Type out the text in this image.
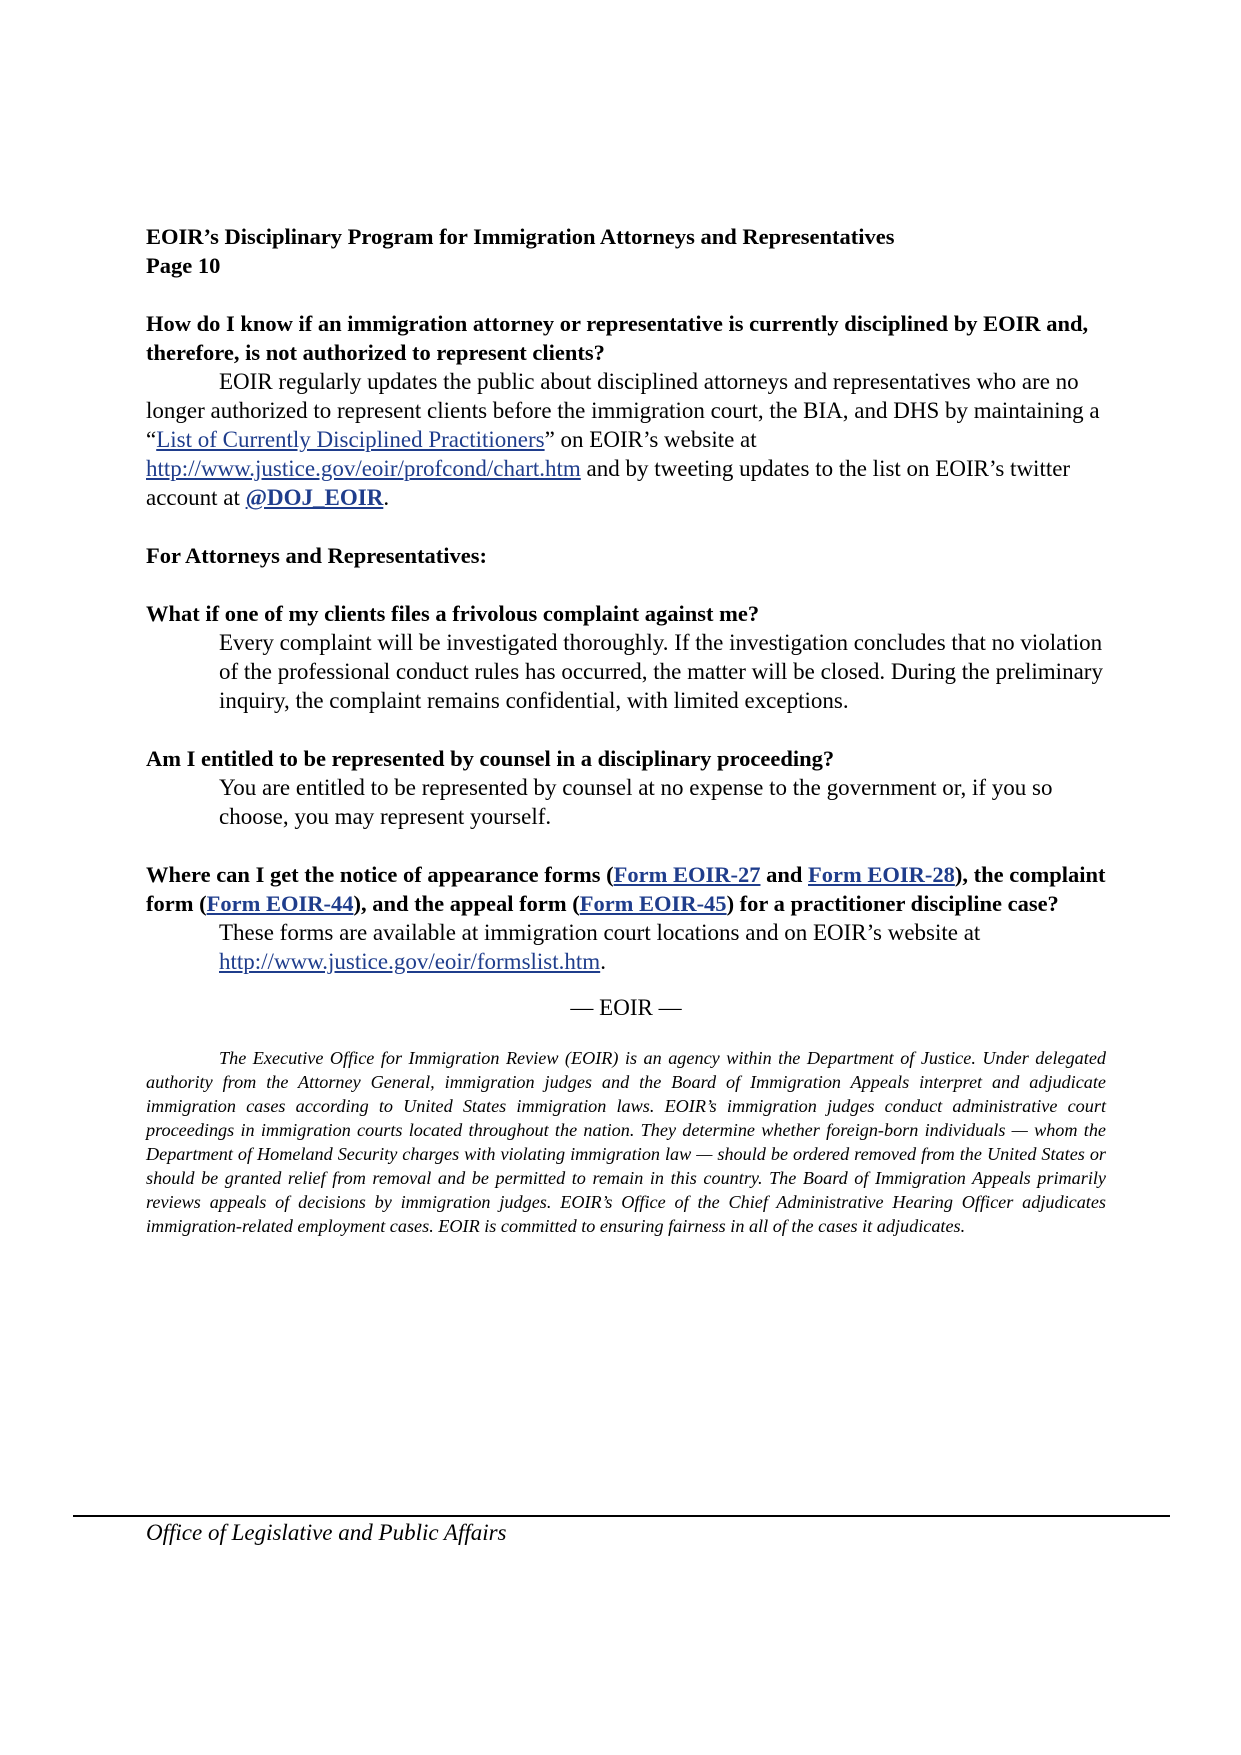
EOIR’s Disciplinary Program for Immigration Attorneys and Representatives
Page 10

How do I know if an immigration attorney or representative is currently disciplined by EOIR and, therefore, is not authorized to represent clients?

EOIR regularly updates the public about disciplined attorneys and representatives who are no longer authorized to represent clients before the immigration court, the BIA, and DHS by maintaining a “List of Currently Disciplined Practitioners” on EOIR’s website at http://www.justice.gov/eoir/profcond/chart.htm and by tweeting updates to the list on EOIR’s twitter account at @DOJ_EOIR.

For Attorneys and Representatives:

What if one of my clients files a frivolous complaint against me?

Every complaint will be investigated thoroughly. If the investigation concludes that no violation of the professional conduct rules has occurred, the matter will be closed. During the preliminary inquiry, the complaint remains confidential, with limited exceptions.

Am I entitled to be represented by counsel in a disciplinary proceeding?

You are entitled to be represented by counsel at no expense to the government or, if you so choose, you may represent yourself.

Where can I get the notice of appearance forms (Form EOIR-27 and Form EOIR-28), the complaint form (Form EOIR-44), and the appeal form (Form EOIR-45) for a practitioner discipline case?

These forms are available at immigration court locations and on EOIR’s website at http://www.justice.gov/eoir/formslist.htm.

— EOIR —

The Executive Office for Immigration Review (EOIR) is an agency within the Department of Justice. Under delegated authority from the Attorney General, immigration judges and the Board of Immigration Appeals interpret and adjudicate immigration cases according to United States immigration laws. EOIR’s immigration judges conduct administrative court proceedings in immigration courts located throughout the nation. They determine whether foreign-born individuals — whom the Department of Homeland Security charges with violating immigration law — should be ordered removed from the United States or should be granted relief from removal and be permitted to remain in this country. The Board of Immigration Appeals primarily reviews appeals of decisions by immigration judges. EOIR’s Office of the Chief Administrative Hearing Officer adjudicates immigration-related employment cases. EOIR is committed to ensuring fairness in all of the cases it adjudicates.

Office of Legislative and Public Affairs
